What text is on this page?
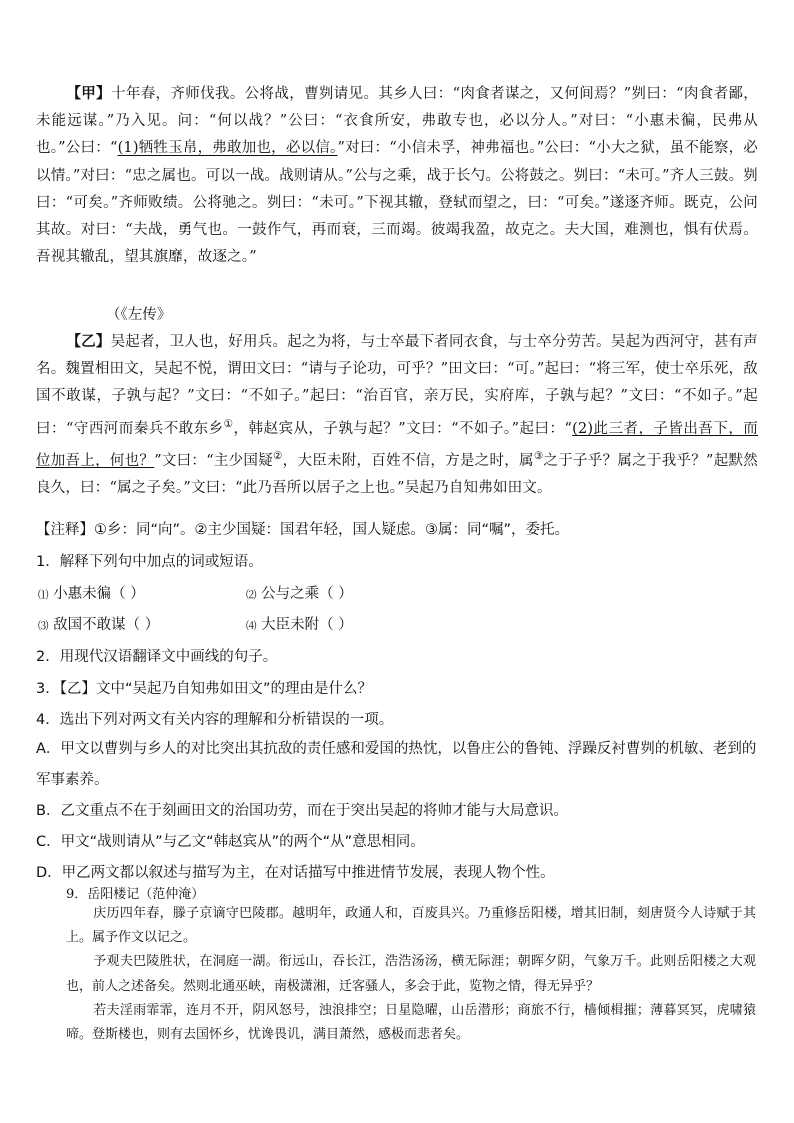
【甲】十年春，齐师伐我。公将战，曹刿请见。其乡人曰：“肉食者谋之，又何间焉？”刿曰：“肉食者鄙，未能远谋。”乃入见。问：“何以战？”公曰：“衣食所安，弗敢专也，必以分人。”对曰：“小惠未徧，民弗从也。”公曰：“(1)牺牲玉帛，弗敢加也，必以信。”对曰：“小信未孚，神弗福也。”公曰：“小大之狱，虽不能察，必以情。”对曰：“忠之属也。可以一战。战则请从。”公与之乘，战于长勺。公将鼓之。刿曰：“未可。”齐人三鼓。刿曰：“可矣。”齐师败绩。公将驰之。刿曰：“未可。”下视其辙，登轼而望之，曰：“可矣。”遂逐齐师。既克，公问其故。对曰：“夫战，勇气也。一鼓作气，再而衰，三而竭。彼竭我盈，故克之。夫大国，难测也，惧有伏焉。吾视其辙乱，望其旗靡，故逐之。”
（《左传》
【乙】吴起者，卫人也，好用兵。起之为将，与士卒最下者同衣食，与士卒分劳苦。吴起为西河守，甚有声名。魏置相田文，吴起不悦，谓田文曰：“请与子论功，可乎？”田文曰：“可。”起曰：“将三军，使士卒乐死，敌国不敢谋，子孰与起？”文曰：“不如子。”起曰：“治百官，亲万民，实府库，子孰与起？”文曰：“不如子。”起曰：“守西河而秦兵不敢东乡①，韩赵宾从，子孰与起？”文曰：“不如子。”起曰：“(2)此三者，子皆出吾下，而位加吾上，何也？”文曰：“主少国疑②，大臣未附，百姓不信，方是之时，属③之于子乎？属之于我乎？”起默然良久，曰：“属之子矣。”文曰：“此乃吾所以居子之上也。”吴起乃自知弗如田文。
【注释】①乡：同“向”。②主少国疑：国君年轻，国人疑虑。③属：同“嘱”，委托。
1．解释下列句中加点的词或短语。
⑴ 小惠未徧（ ）	⑵ 公与之乘（ ）
⑶ 敌国不敢谋（ ）	⑷ 大臣未附（ ）
2．用现代汉语翻译文中画线的句子。
3．【乙】文中“吴起乃自知弗如田文”的理由是什么？
4．选出下列对两文有关内容的理解和分析错误的一项。
A．甲文以曹刿与乡人的对比突出其抗敌的责任感和爱国的热忱，以鲁庄公的鲁钝、浮躁反衬曹刿的机敏、老到的军事素养。
B．乙文重点不在于刻画田文的治国功劳，而在于突出吴起的将帅才能与大局意识。
C．甲文“战则请从”与乙文“韩赵宾从”的两个“从”意思相同。
D．甲乙两文都以叙述与描写为主，在对话描写中推进情节发展，表现人物个性。
9．岳阳楼记（范仲淹）

庆历四年春，滕子京谪守巴陵郡。越明年，政通人和，百废具兴。乃重修岳阳楼，增其旧制，刻唐贤今人诗赋于其上。属予作文以记之。

予观夫巴陵胜状，在洞庭一湖。衔远山，吞长江，浩浩汤汤，横无际涯；朝晖夕阴，气象万千。此则岳阳楼之大观也，前人之述备矣。然则北通巫峡，南极潇湘，迁客骚人，多会于此，览物之情，得无异乎？

若夫淫雨霏霏，连月不开，阴风怒号，浊浪排空；日星隐曜，山岳潜形；商旅不行，樯倾楫摧；薄暮冥冥，虎啸猿啼。登斯楼也，则有去国怀乡，忧谗畏讥，满目萧然，感极而悲者矣。
